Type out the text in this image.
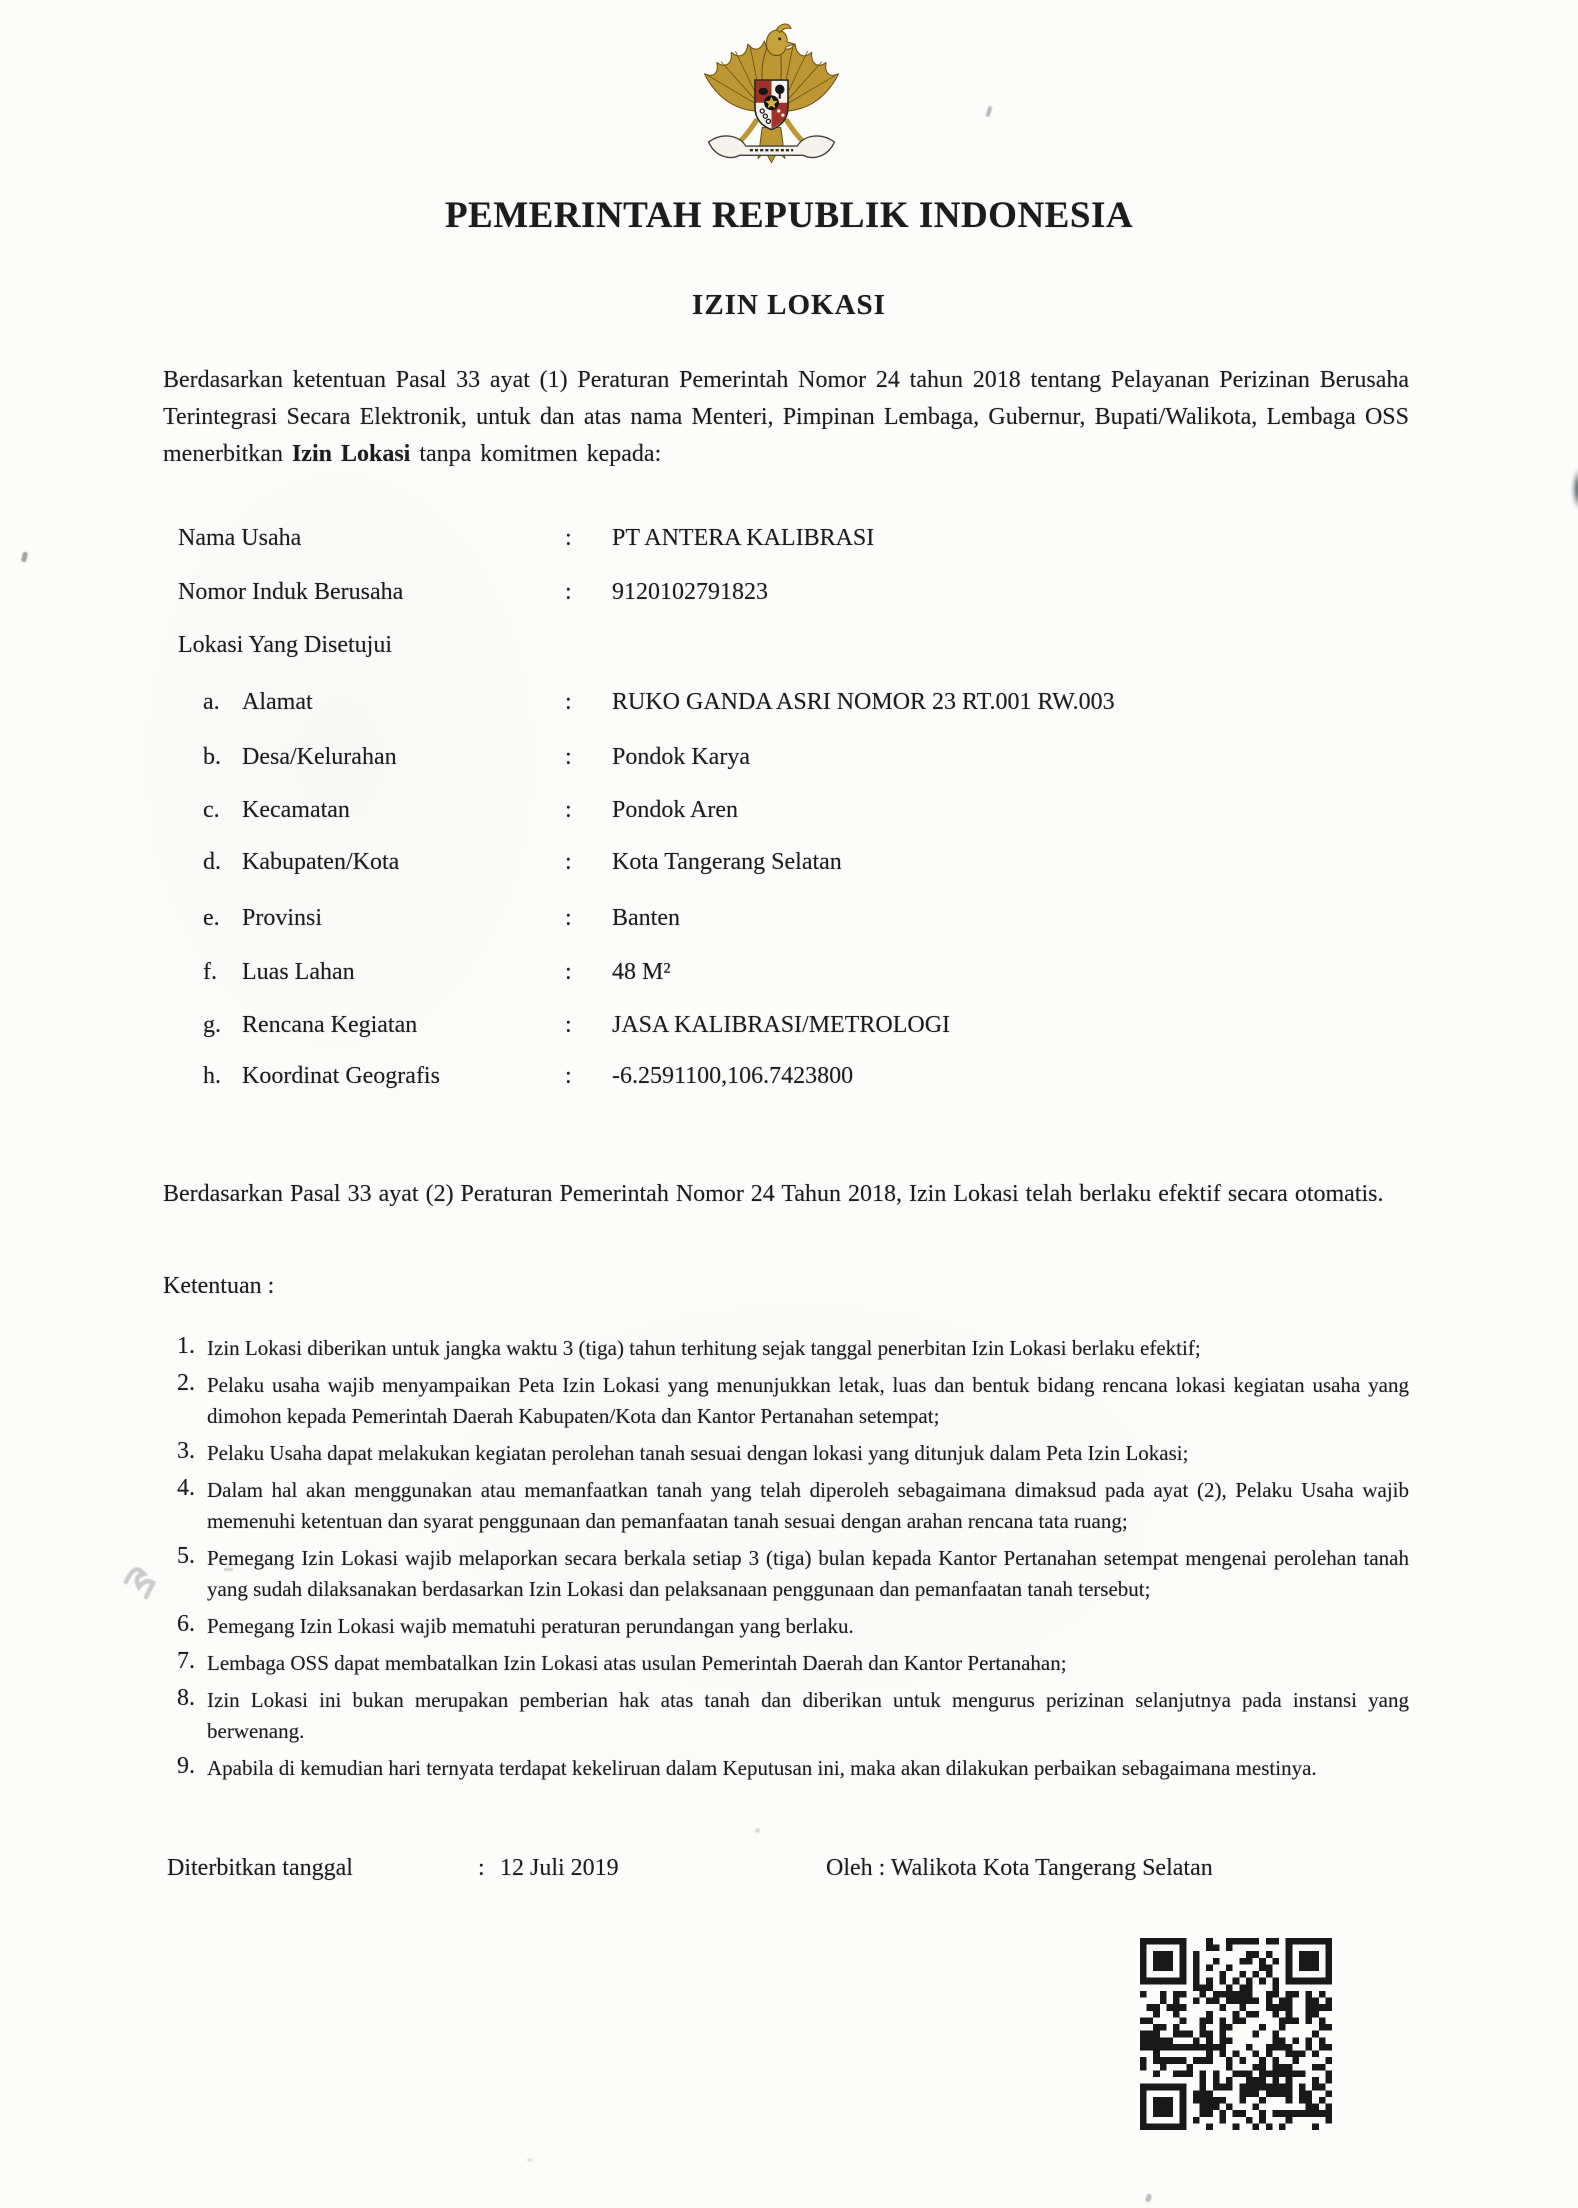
PEMERINTAH REPUBLIK INDONESIA
IZIN LOKASI
Berdasarkan ketentuan Pasal 33 ayat (1) Peraturan Pemerintah Nomor 24 tahun 2018 tentang Pelayanan Perizinan Berusaha Terintegrasi Secara Elektronik, untuk dan atas nama Menteri, Pimpinan Lembaga, Gubernur, Bupati/Walikota, Lembaga OSS menerbitkan Izin Lokasi tanpa komitmen kepada:
Nama Usaha	: PT ANTERA KALIBRASI
Nomor Induk Berusaha	: 9120102791823
Lokasi Yang Disetujui
a. Alamat	: RUKO GANDA ASRI NOMOR 23 RT.001 RW.003
b. Desa/Kelurahan	: Pondok Karya
c. Kecamatan	: Pondok Aren
d. Kabupaten/Kota	: Kota Tangerang Selatan
e. Provinsi	: Banten
f. Luas Lahan	: 48 M²
g. Rencana Kegiatan	: JASA KALIBRASI/METROLOGI
h. Koordinat Geografis	: -6.2591100,106.7423800
Berdasarkan Pasal 33 ayat (2) Peraturan Pemerintah Nomor 24 Tahun 2018, Izin Lokasi telah berlaku efektif secara otomatis.
Ketentuan :
1. Izin Lokasi diberikan untuk jangka waktu 3 (tiga) tahun terhitung sejak tanggal penerbitan Izin Lokasi berlaku efektif;
2. Pelaku usaha wajib menyampaikan Peta Izin Lokasi yang menunjukkan letak, luas dan bentuk bidang rencana lokasi kegiatan usaha yang dimohon kepada Pemerintah Daerah Kabupaten/Kota dan Kantor Pertanahan setempat;
3. Pelaku Usaha dapat melakukan kegiatan perolehan tanah sesuai dengan lokasi yang ditunjuk dalam Peta Izin Lokasi;
4. Dalam hal akan menggunakan atau memanfaatkan tanah yang telah diperoleh sebagaimana dimaksud pada ayat (2), Pelaku Usaha wajib memenuhi ketentuan dan syarat penggunaan dan pemanfaatan tanah sesuai dengan arahan rencana tata ruang;
5. Pemegang Izin Lokasi wajib melaporkan secara berkala setiap 3 (tiga) bulan kepada Kantor Pertanahan setempat mengenai perolehan tanah yang sudah dilaksanakan berdasarkan Izin Lokasi dan pelaksanaan penggunaan dan pemanfaatan tanah tersebut;
6. Pemegang Izin Lokasi wajib mematuhi peraturan perundangan yang berlaku.
7. Lembaga OSS dapat membatalkan Izin Lokasi atas usulan Pemerintah Daerah dan Kantor Pertanahan;
8. Izin Lokasi ini bukan merupakan pemberian hak atas tanah dan diberikan untuk mengurus perizinan selanjutnya pada instansi yang berwenang.
9. Apabila di kemudian hari ternyata terdapat kekeliruan dalam Keputusan ini, maka akan dilakukan perbaikan sebagaimana mestinya.
Diterbitkan tanggal	: 12 Juli 2019	Oleh : Walikota Kota Tangerang Selatan
